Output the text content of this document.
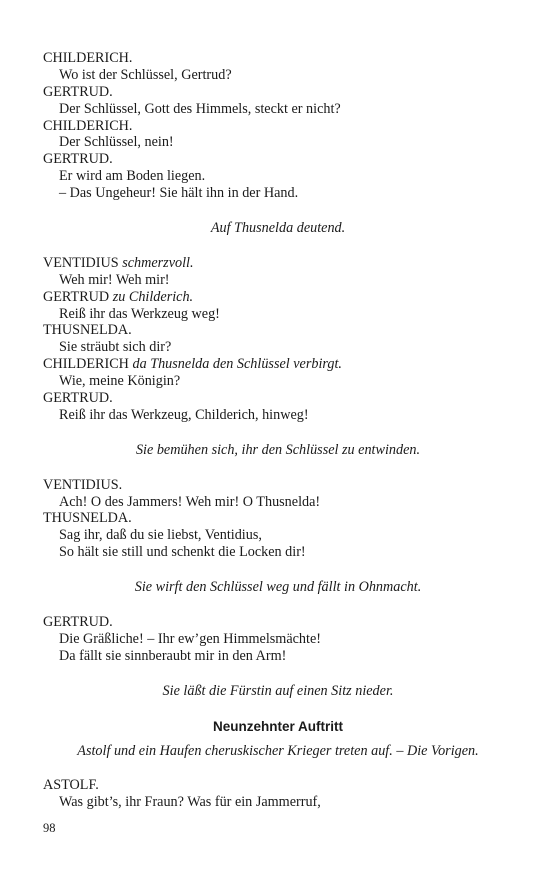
CHILDERICH.
Wo ist der Schlüssel, Gertrud?
GERTRUD.
Der Schlüssel, Gott des Himmels, steckt er nicht?
CHILDERICH.
Der Schlüssel, nein!
GERTRUD.
Er wird am Boden liegen.
– Das Ungeheur! Sie hält ihn in der Hand.
Auf Thusnelda deutend.
VENTIDIUS schmerzvoll.
Weh mir! Weh mir!
GERTRUD zu Childerich.
Reiß ihr das Werkzeug weg!
THUSNELDA.
Sie sträubt sich dir?
CHILDERICH da Thusnelda den Schlüssel verbirgt.
Wie, meine Königin?
GERTRUD.
Reiß ihr das Werkzeug, Childerich, hinweg!
Sie bemühen sich, ihr den Schlüssel zu entwinden.
VENTIDIUS.
Ach! O des Jammers! Weh mir! O Thusnelda!
THUSNELDA.
Sag ihr, daß du sie liebst, Ventidius,
So hält sie still und schenkt die Locken dir!
Sie wirft den Schlüssel weg und fällt in Ohnmacht.
GERTRUD.
Die Gräßliche! – Ihr ew’gen Himmelsmächte!
Da fällt sie sinnberaubt mir in den Arm!
Sie läßt die Fürstin auf einen Sitz nieder.
Neunzehnter Auftritt
Astolf und ein Haufen cheruskischer Krieger treten auf. – Die Vorigen.
ASTOLF.
Was gibt’s, ihr Fraun? Was für ein Jammerruf,
98
